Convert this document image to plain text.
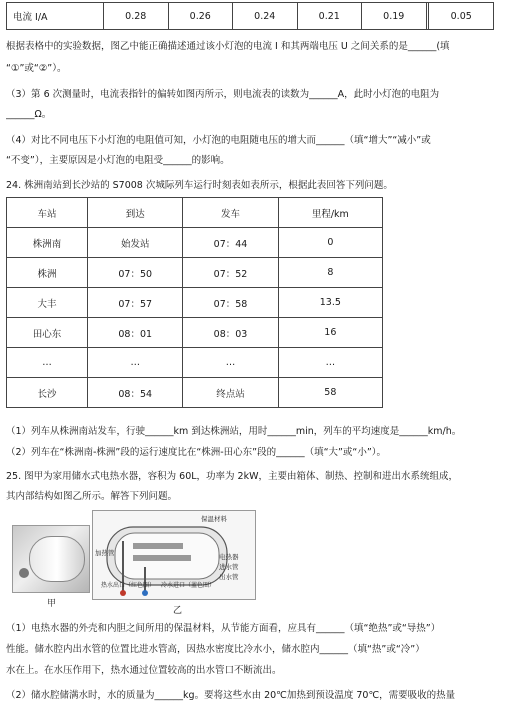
电流 I/A	0.28	0.26	0.24	0.21	0.19		0.05
根据表格中的实验数据，图乙中能正确描述通过该小灯泡的电流 I 和其两端电压 U 之间关系的是______(填
“①”或“②”）。
（3）第 6 次测量时，电流表指针的偏转如图丙所示，则电流表的读数为______A，此时小灯泡的电阻为
______Ω。
（4）对比不同电压下小灯泡的电阻值可知，小灯泡的电阻随电压的增大而______（填“增大”“减小”或
“不变”），主要原因是小灯泡的电阻受______的影响。
24. 株洲南站到长沙站的 S7008 次城际列车运行时刻表如表所示，根据此表回答下列问题。
车站	到达	发车	里程/km
株洲南	始发站	07：44	0
株洲	07：50	07：52	8
大丰	07：57	07：58	13.5
田心东	08：01	08：03	16
…	…	…	…
长沙	08：54	终点站	58
（1）列车从株洲南站发车，行驶______km 到达株洲站，用时______min，列车的平均速度是______km/h。
（2）列车在“株洲南-株洲”段的运行速度比在“株洲-田心东”段的______（填“大”或“小”）。
25. 图甲为家用储水式电热水器，容积为 60L，功率为 2kW，主要由箱体、制热、控制和进出水系统组成，
其内部结构如图乙所示。解答下列问题。
甲
保温材料
加热管	电热器
进水管
出水管
热水出口（红色圈） 冷水进口（蓝色圈）
乙
（1）电热水器的外壳和内胆之间所用的保温材料，从节能方面看，应具有______（填“绝热”或“导热”）
性能。储水腔内出水管的位置比进水管高，因热水密度比冷水小，储水腔内______（填“热”或“冷”）
水在上。在水压作用下，热水通过位置较高的出水管口不断流出。
（2）储水腔储满水时，水的质量为______kg。要将这些水由 20℃加热到预设温度 70℃，需要吸收的热量
